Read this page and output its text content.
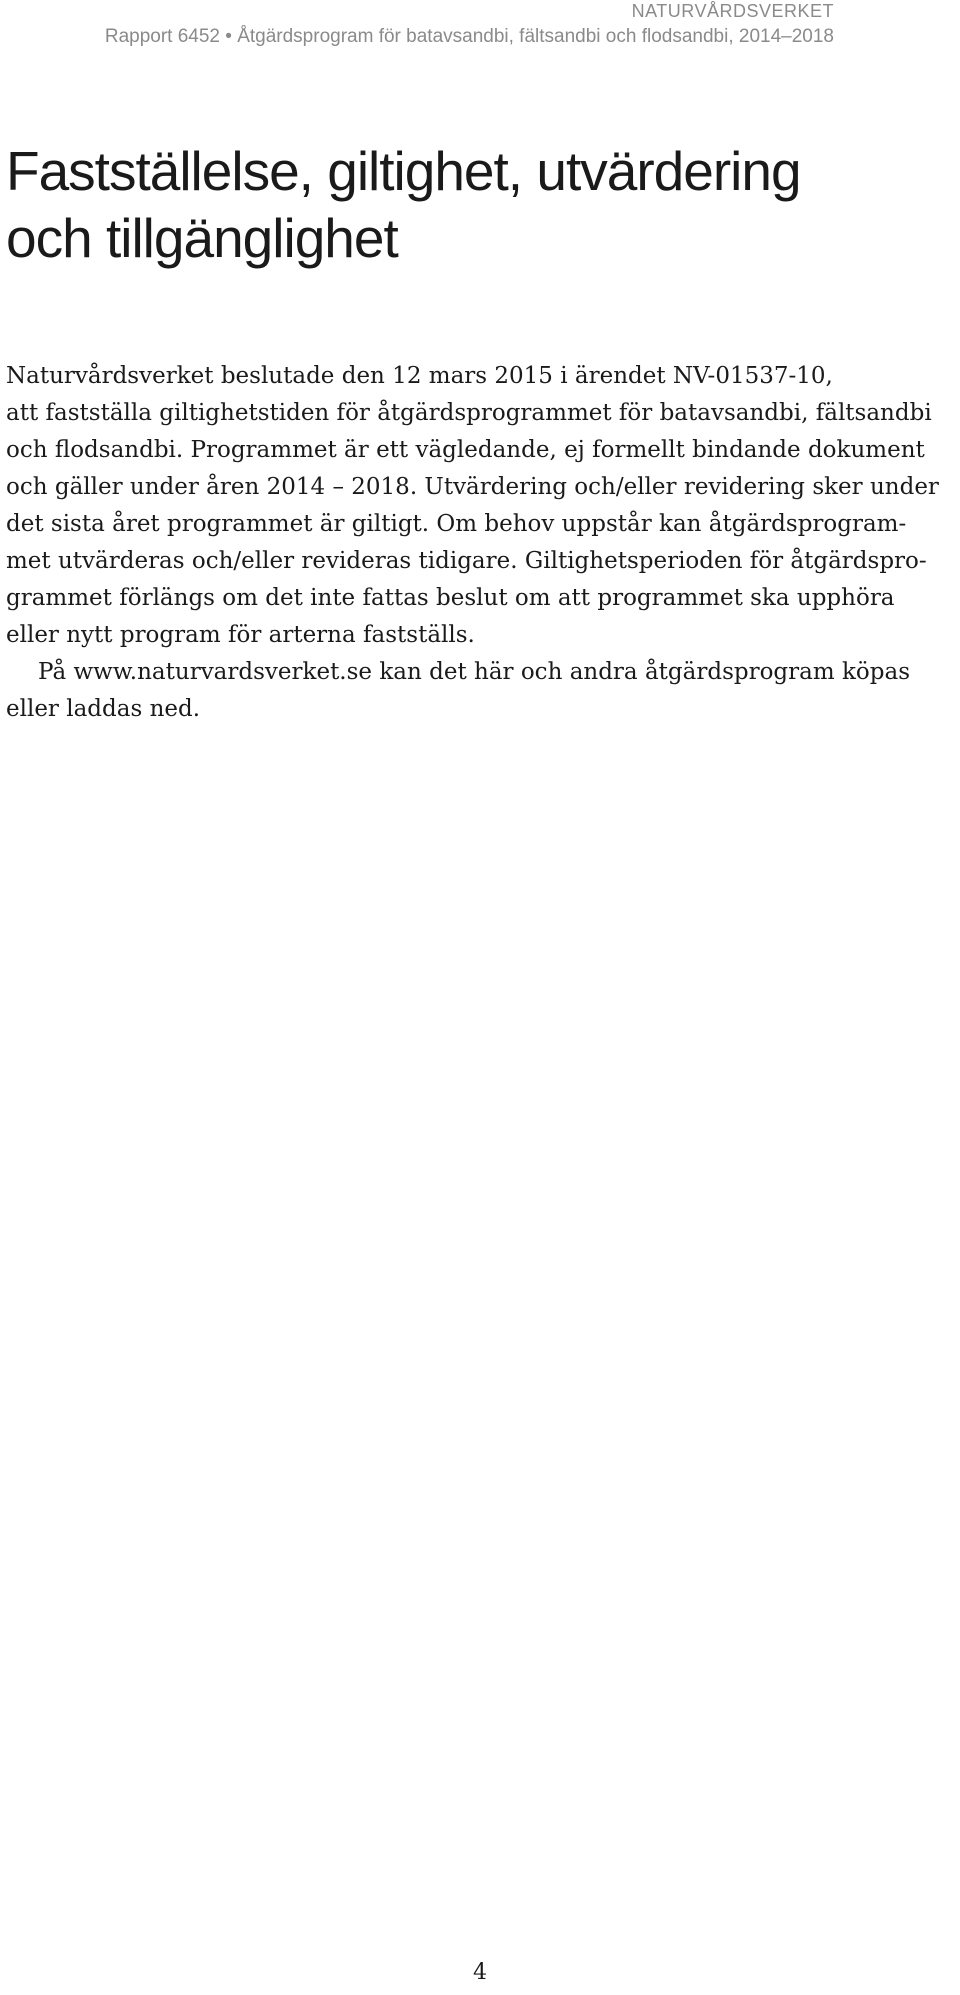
NATURVÅRDSVERKET
Rapport 6452 • Åtgärdsprogram för batavsandbi, fältsandbi och flodsandbi, 2014–2018
Fastställelse, giltighet, utvärdering
och tillgänglighet
Naturvårdsverket beslutade den 12 mars 2015 i ärendet NV-01537-10,
att fastställa giltighetstiden för åtgärdsprogrammet för batavsandbi, fältsandbi
och flodsandbi. Programmet är ett vägledande, ej formellt bindande dokument
och gäller under åren 2014 – 2018. Utvärdering och/eller revidering sker under
det sista året programmet är giltigt. Om behov uppstår kan åtgärdsprogram-
met utvärderas och/eller revideras tidigare. Giltighetsperioden för åtgärdspro-
grammet förlängs om det inte fattas beslut om att programmet ska upphöra
eller nytt program för arterna fastställs.
På www.naturvardsverket.se kan det här och andra åtgärdsprogram köpas
eller laddas ned.
4
